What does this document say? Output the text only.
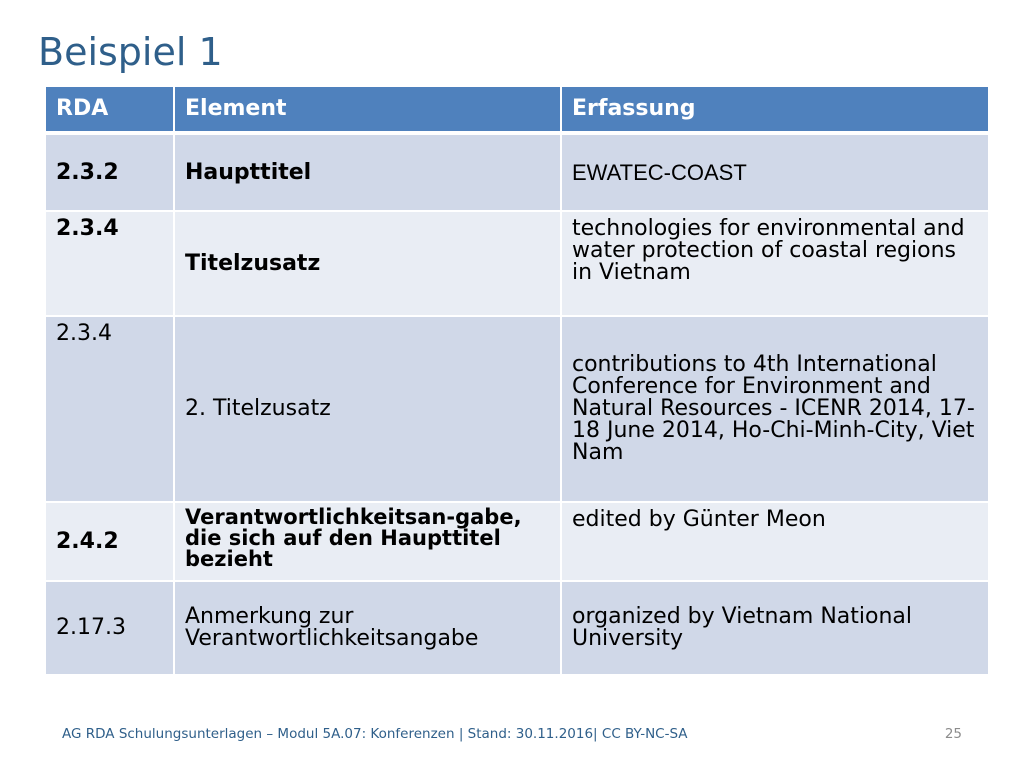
Beispiel 1
RDA	Element	Erfassung
2.3.2	Haupttitel	EWATEC-COAST
2.3.4	Titelzusatz	technologies for environmental and water protection of coastal regions in Vietnam
2.3.4	2. Titelzusatz	contributions to 4th International Conference for Environment and Natural Resources - ICENR 2014, 17-18 June 2014, Ho-Chi-Minh-City, Viet Nam
2.4.2	Verantwortlichkeitsan-gabe, die sich auf den Haupttitel bezieht	edited by Günter Meon
2.17.3	Anmerkung zur Verantwortlichkeitsangabe	organized by Vietnam National University
AG RDA Schulungsunterlagen – Modul 5A.07: Konferenzen | Stand: 30.11.2016| CC BY-NC-SA	25
